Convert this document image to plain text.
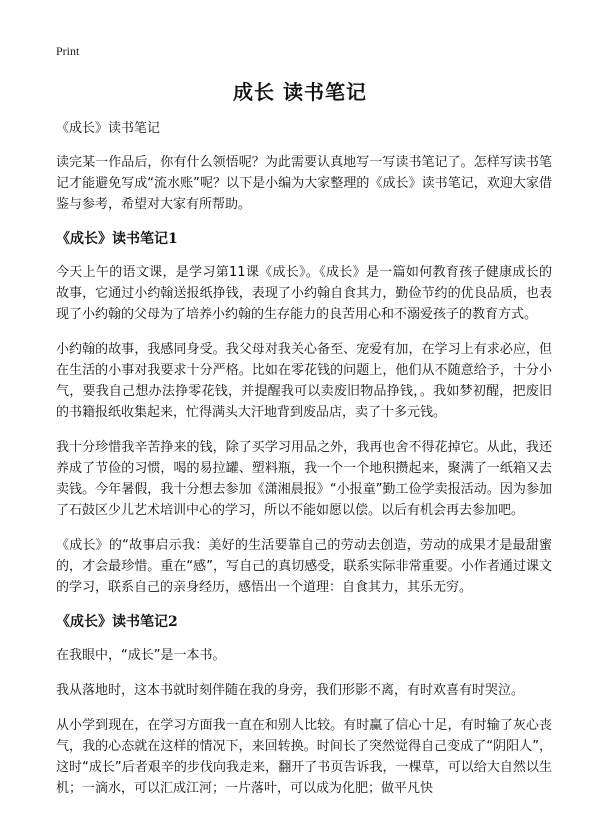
Print
成长 读书笔记

《成长》读书笔记

读完某一作品后，你有什么领悟呢？为此需要认真地写一写读书笔记了。怎样写读书笔记才能避免写成“流水账”呢？以下是小编为大家整理的《成长》读书笔记，欢迎大家借鉴与参考，希望对大家有所帮助。

《成长》读书笔记1

今天上午的语文课，是学习第11课《成长》。《成长》是一篇如何教育孩子健康成长的故事，它通过小约翰送报纸挣钱，表现了小约翰自食其力，勤俭节约的优良品质，也表现了小约翰的父母为了培养小约翰的生存能力的良苦用心和不溺爱孩子的教育方式。

小约翰的故事，我感同身受。我父母对我关心备至、宠爱有加，在学习上有求必应，但在生活的小事对我要求十分严格。比如在零花钱的问题上，他们从不随意给予，十分小气，要我自己想办法挣零花钱，并提醒我可以卖废旧物品挣钱，。我如梦初醒，把废旧的书籍报纸收集起来，忙得满头大汗地背到废品店，卖了十多元钱。

我十分珍惜我辛苦挣来的钱，除了买学习用品之外，我再也舍不得花掉它。从此，我还养成了节俭的习惯，喝的易拉罐、塑料瓶，我一个一个地积攒起来，聚满了一纸箱又去卖钱。今年暑假，我十分想去参加《潇湘晨报》“小报童”勤工俭学卖报活动。因为参加了石鼓区少儿艺术培训中心的学习，所以不能如愿以偿。以后有机会再去参加吧。

《成长》的“故事启示我：美好的生活要靠自己的劳动去创造，劳动的成果才是最甜蜜的，才会最珍惜。重在“感”，写自己的真切感受，联系实际非常重要。小作者通过课文的学习，联系自己的亲身经历，感悟出一个道理：自食其力，其乐无穷。

《成长》读书笔记2

在我眼中，“成长”是一本书。

我从落地时，这本书就时刻伴随在我的身旁，我们形影不离，有时欢喜有时哭泣。

从小学到现在，在学习方面我一直在和别人比较。有时赢了信心十足，有时输了灰心丧气，我的心态就在这样的情况下，来回转换。时间长了突然觉得自己变成了“阴阳人”，这时“成长”后者艰辛的步伐向我走来，翻开了书页告诉我，一棵草，可以给大自然以生机；一滴水，可以汇成江河；一片落叶，可以成为化肥；做平凡快
